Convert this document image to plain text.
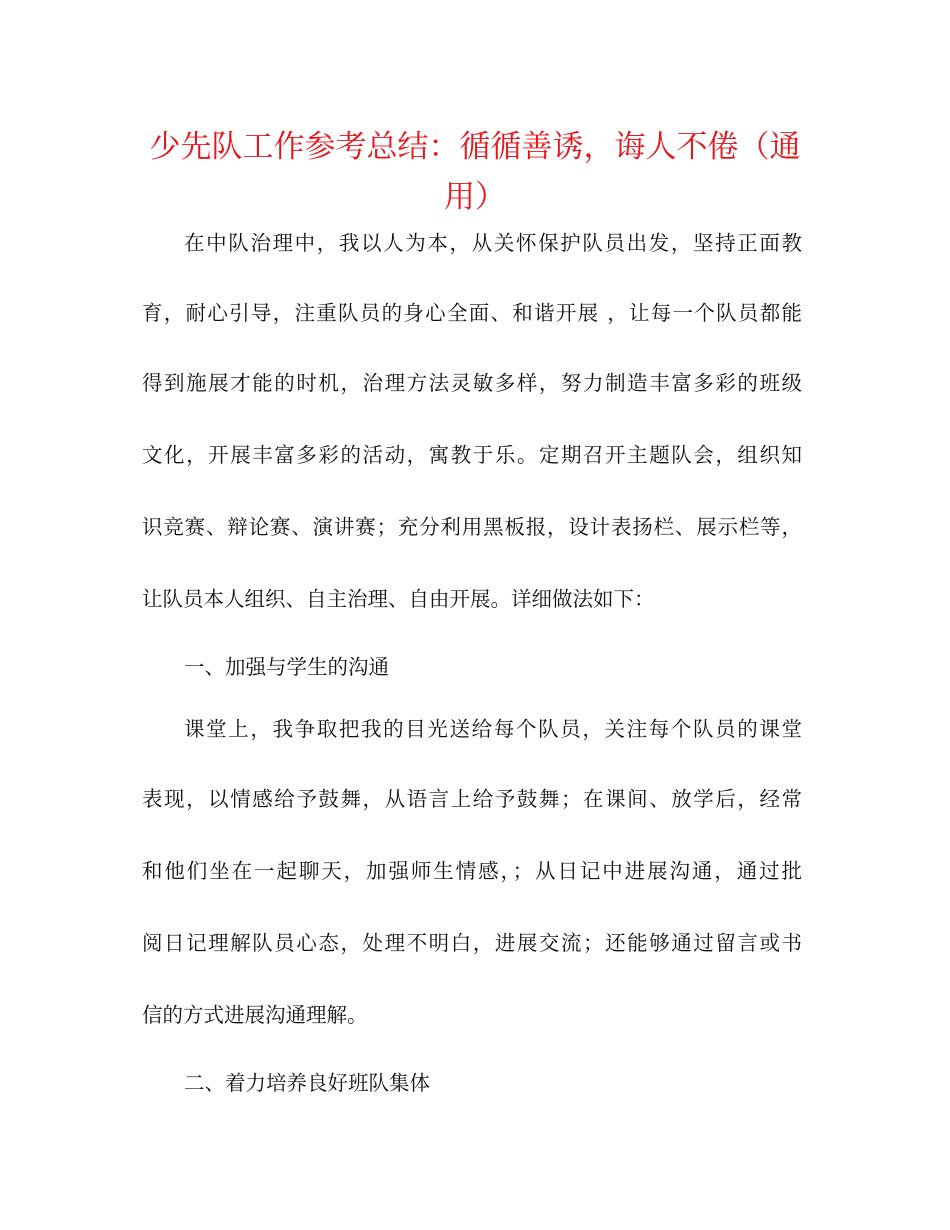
少先队工作参考总结：循循善诱，诲人不倦（通用）

在中队治理中，我以人为本，从关怀保护队员出发，坚持正面教

育，耐心引导，注重队员的身心全面、和谐开展 ，让每一个队员都能

得到施展才能的时机，治理方法灵敏多样，努力制造丰富多彩的班级

文化，开展丰富多彩的活动，寓教于乐。定期召开主题队会，组织知

识竞赛、辩论赛、演讲赛；充分利用黑板报，设计表扬栏、展示栏等，

让队员本人组织、自主治理、自由开展。详细做法如下：

一、加强与学生的沟通

课堂上，我争取把我的目光送给每个队员，关注每个队员的课堂

表现，以情感给予鼓舞，从语言上给予鼓舞；在课间、放学后，经常

和他们坐在一起聊天，加强师生情感，；从日记中进展沟通，通过批

阅日记理解队员心态，处理不明白，进展交流；还能够通过留言或书

信的方式进展沟通理解。

二、着力培养良好班队集体
